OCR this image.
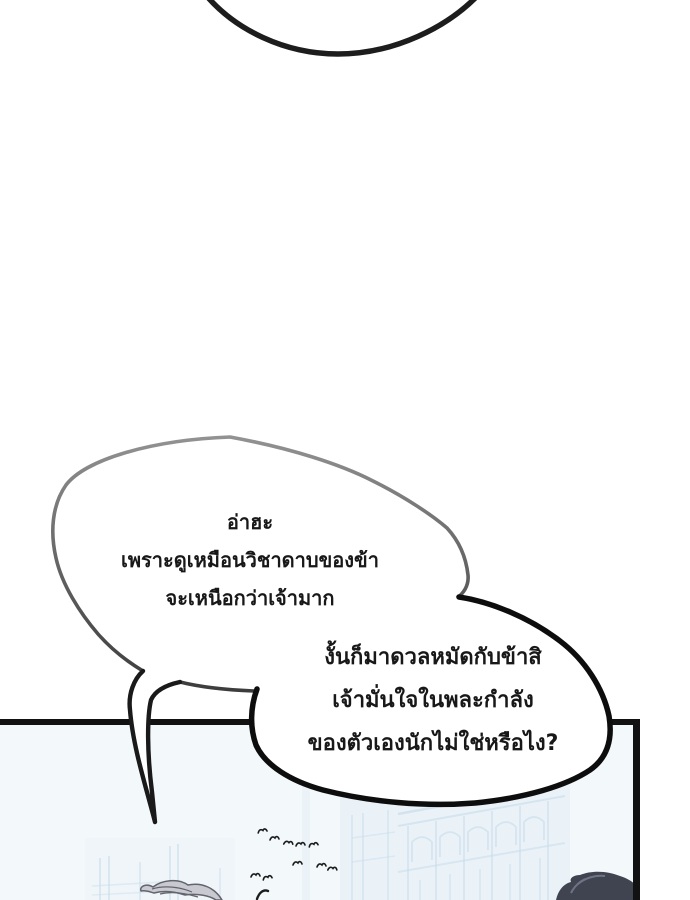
อ่าฮะ
เพราะดูเหมือนวิชาดาบของข้า
จะเหนือกว่าเจ้ามาก
งั้นก็มาดวลหมัดกับข้าสิ
เจ้ามั่นใจในพละกำลัง
ของตัวเองนักไม่ใช่หรือไง?
